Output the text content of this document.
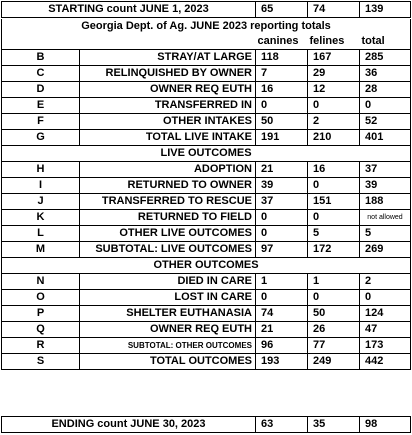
STARTING count JUNE 1, 2023	65	74	139
Georgia Dept. of Ag. JUNE 2023 reporting totals				
		canines	felines	total
B	STRAY/AT LARGE	118	167	285
C	RELINQUISHED BY OWNER	7	29	36
D	OWNER REQ EUTH	16	12	28
E	TRANSFERRED IN	0	0	0
F	OTHER INTAKES	50	2	52
G	TOTAL LIVE INTAKE	191	210	401
LIVE OUTCOMES				
H	ADOPTION	21	16	37
I	RETURNED TO OWNER	39	0	39
J	TRANSFERRED TO RESCUE	37	151	188
K	RETURNED TO FIELD	0	0	not allowed
L	OTHER LIVE OUTCOMES	0	5	5
M	SUBTOTAL: LIVE OUTCOMES	97	172	269
OTHER OUTCOMES				
N	DIED IN CARE	1	1	2
O	LOST IN CARE	0	0	0
P	SHELTER EUTHANASIA	74	50	124
Q	OWNER REQ EUTH	21	26	47
R	SUBTOTAL: OTHER OUTCOMES	96	77	173
S	TOTAL OUTCOMES	193	249	442
ENDING count JUNE 30, 2023	63	35	98
